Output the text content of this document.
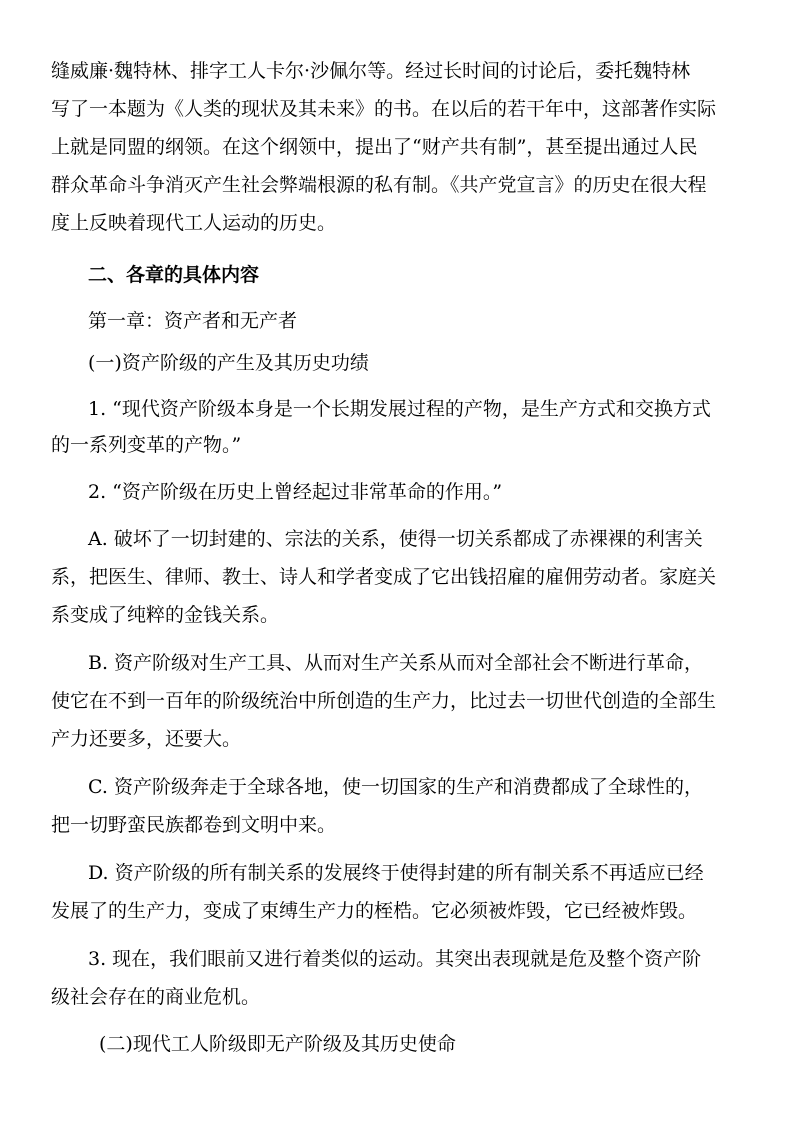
缝威廉·魏特林、排字工人卡尔·沙佩尔等。经过长时间的讨论后，委托魏特林
写了一本题为《人类的现状及其未来》的书。在以后的若干年中，这部著作实际
上就是同盟的纲领。在这个纲领中，提出了“财产共有制”，甚至提出通过人民
群众革命斗争消灭产生社会弊端根源的私有制。《共产党宣言》的历史在很大程
度上反映着现代工人运动的历史。
二、各章的具体内容
第一章：资产者和无产者
(一)资产阶级的产生及其历史功绩
1. “现代资产阶级本身是一个长期发展过程的产物，是生产方式和交换方式
的一系列变革的产物。”
2. “资产阶级在历史上曾经起过非常革命的作用。”
A. 破坏了一切封建的、宗法的关系，使得一切关系都成了赤裸裸的利害关
系，把医生、律师、教士、诗人和学者变成了它出钱招雇的雇佣劳动者。家庭关
系变成了纯粹的金钱关系。
B. 资产阶级对生产工具、从而对生产关系从而对全部社会不断进行革命，
使它在不到一百年的阶级统治中所创造的生产力，比过去一切世代创造的全部生
产力还要多，还要大。
C. 资产阶级奔走于全球各地，使一切国家的生产和消费都成了全球性的，
把一切野蛮民族都卷到文明中来。
D. 资产阶级的所有制关系的发展终于使得封建的所有制关系不再适应已经
发展了的生产力，变成了束缚生产力的桎梏。它必须被炸毁，它已经被炸毁。
3. 现在，我们眼前又进行着类似的运动。其突出表现就是危及整个资产阶
级社会存在的商业危机。
(二)现代工人阶级即无产阶级及其历史使命
